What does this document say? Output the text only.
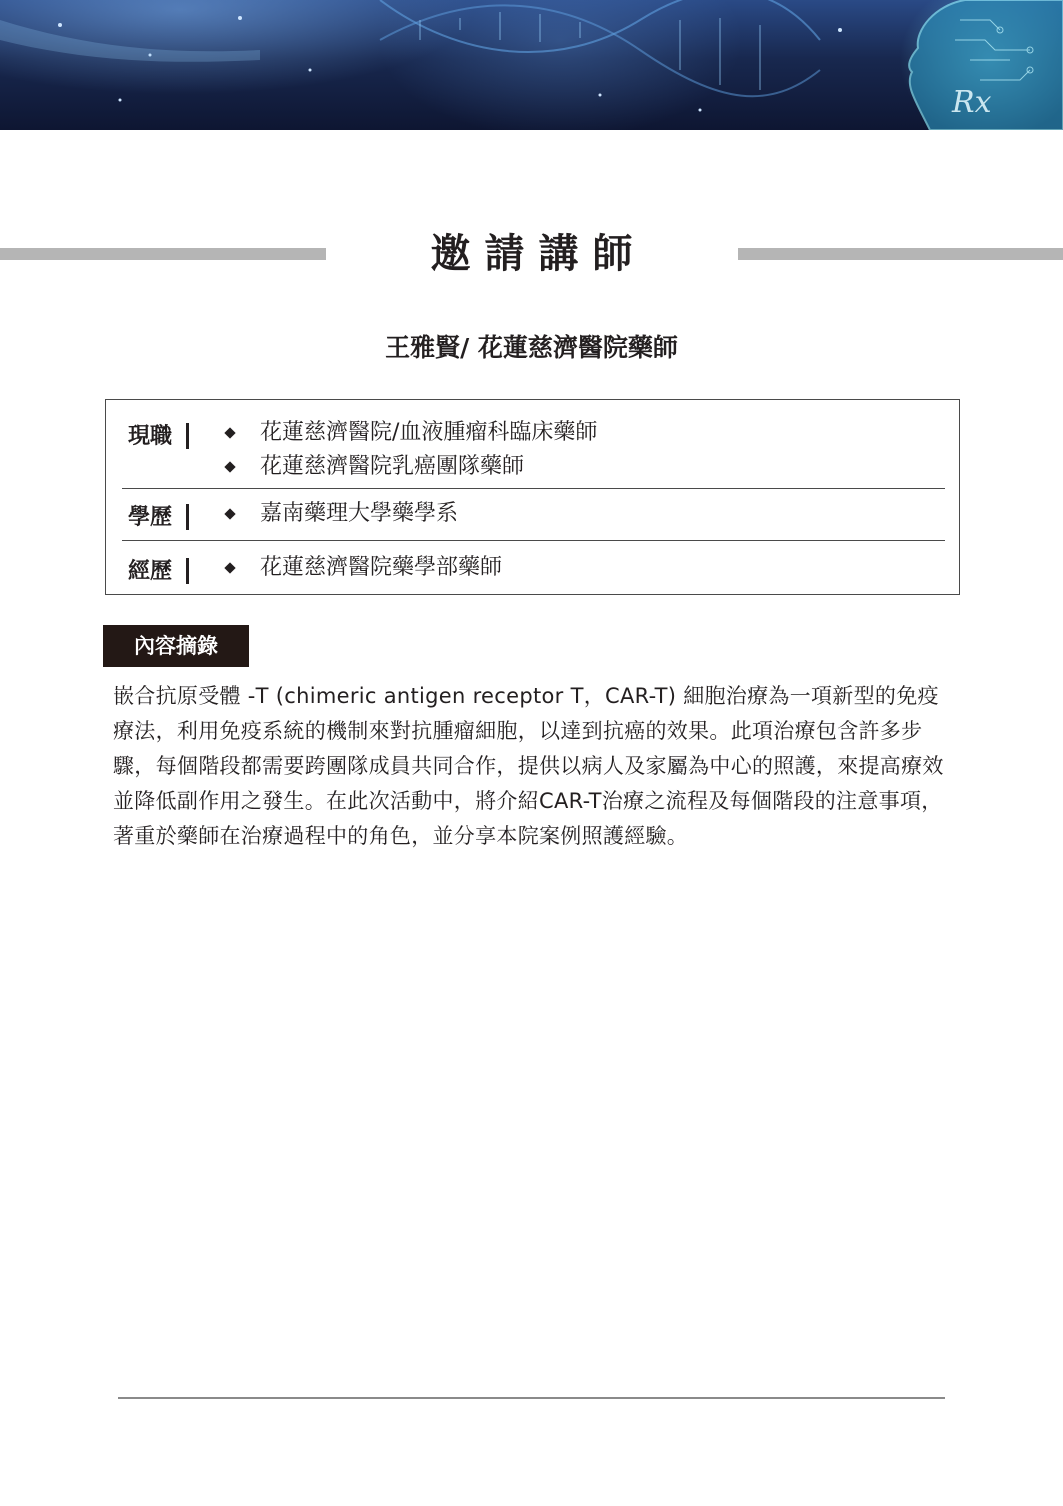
Rx
邀請講師
王雅賢/ 花蓮慈濟醫院藥師
現職	花蓮慈濟醫院/血液腫瘤科臨床藥師
花蓮慈濟醫院乳癌團隊藥師
學歷	嘉南藥理大學藥學系
經歷	花蓮慈濟醫院藥學部藥師
內容摘錄

嵌合抗原受體 -T (chimeric antigen receptor T，CAR-T) 細胞治療為一項新型的免疫療法，利用免疫系統的機制來對抗腫瘤細胞，以達到抗癌的效果。此項治療包含許多步驟，每個階段都需要跨團隊成員共同合作，提供以病人及家屬為中心的照護，來提高療效並降低副作用之發生。在此次活動中，將介紹CAR-T治療之流程及每個階段的注意事項，著重於藥師在治療過程中的角色，並分享本院案例照護經驗。
